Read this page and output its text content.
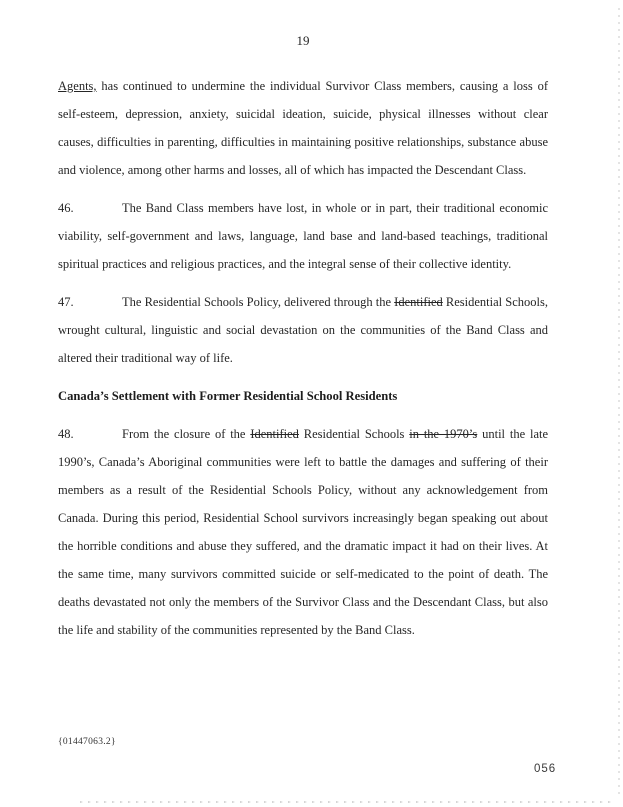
19

Agents, has continued to undermine the individual Survivor Class members, causing a loss of self-esteem, depression, anxiety, suicidal ideation, suicide, physical illnesses without clear causes, difficulties in parenting, difficulties in maintaining positive relationships, substance abuse and violence, among other harms and losses, all of which has impacted the Descendant Class.

46.	The Band Class members have lost, in whole or in part, their traditional economic viability, self-government and laws, language, land base and land-based teachings, traditional spiritual practices and religious practices, and the integral sense of their collective identity.

47.	The Residential Schools Policy, delivered through the Identified Residential Schools, wrought cultural, linguistic and social devastation on the communities of the Band Class and altered their traditional way of life.

Canada’s Settlement with Former Residential School Residents

48.	From the closure of the Identified Residential Schools in the 1970’s until the late 1990’s, Canada’s Aboriginal communities were left to battle the damages and suffering of their members as a result of the Residential Schools Policy, without any acknowledgement from Canada. During this period, Residential School survivors increasingly began speaking out about the horrible conditions and abuse they suffered, and the dramatic impact it had on their lives. At the same time, many survivors committed suicide or self-medicated to the point of death. The deaths devastated not only the members of the Survivor Class and the Descendant Class, but also the life and stability of the communities represented by the Band Class.

{01447063.2}
056
